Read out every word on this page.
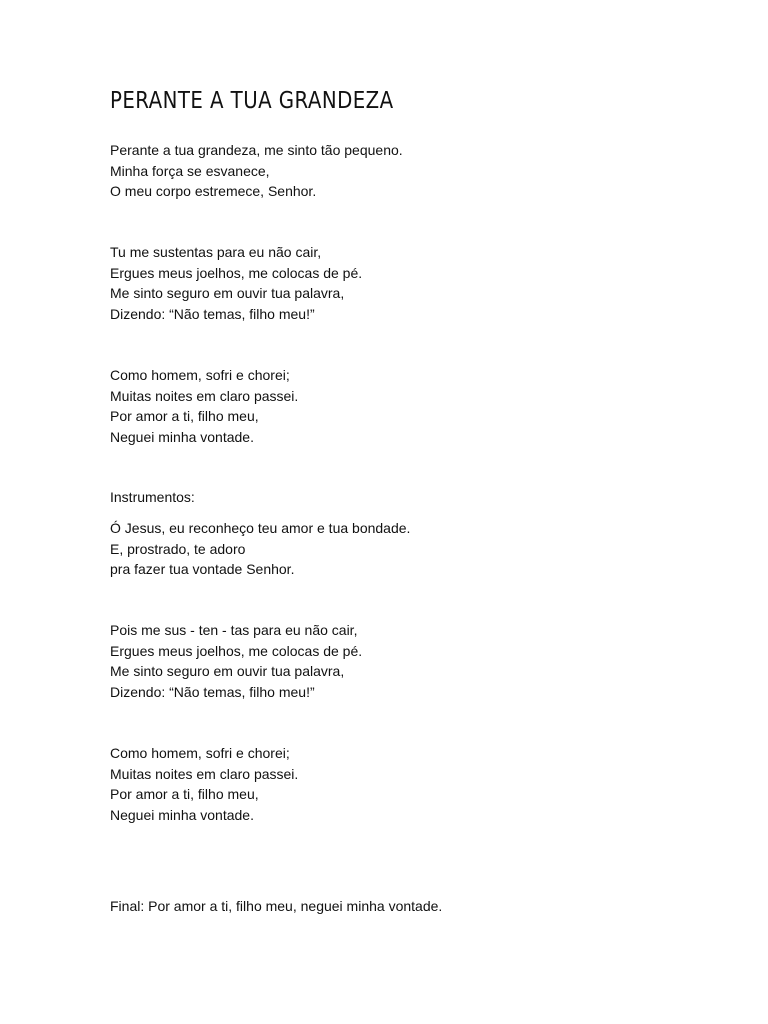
PERANTE A TUA GRANDEZA
Perante a tua grandeza, me sinto tão pequeno.
Minha força se esvanece,
O meu corpo estremece, Senhor.
Tu me sustentas para eu não cair,
Ergues meus joelhos, me colocas de pé.
Me sinto seguro em ouvir tua palavra,
Dizendo: “Não temas, filho meu!”
Como homem, sofri e chorei;
Muitas noites em claro passei.
Por amor a ti, filho meu,
Neguei minha vontade.
Instrumentos:
Ó Jesus, eu reconheço teu amor e tua bondade.
E, prostrado, te adoro
pra fazer tua vontade Senhor.
Pois me sus - ten - tas para eu não cair,
Ergues meus joelhos, me colocas de pé.
Me sinto seguro em ouvir tua palavra,
Dizendo: “Não temas, filho meu!”
Como homem, sofri e chorei;
Muitas noites em claro passei.
Por amor a ti, filho meu,
Neguei minha vontade.
Final: Por amor a ti, filho meu, neguei minha vontade.
